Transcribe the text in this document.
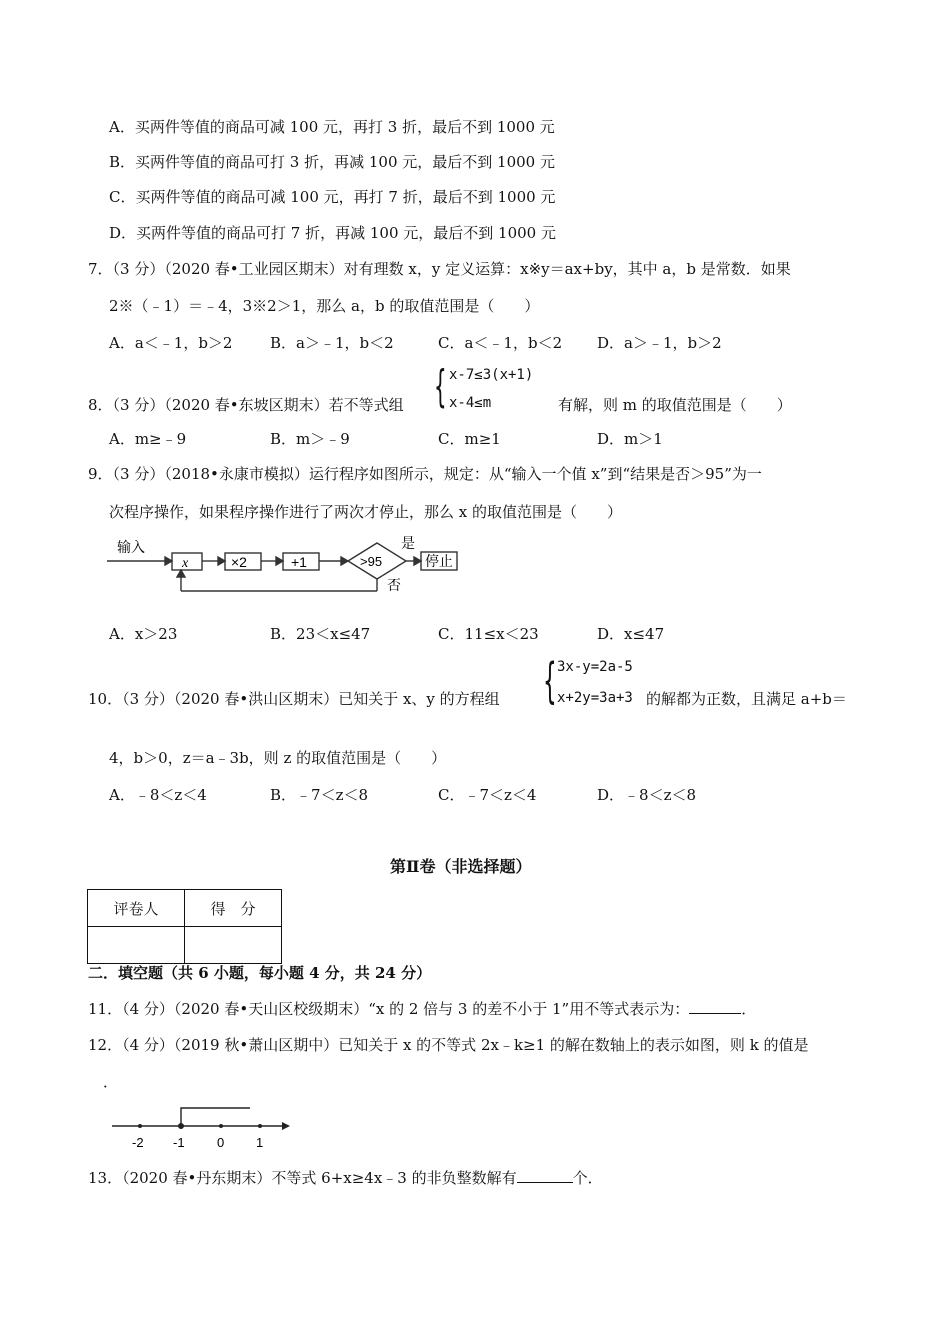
A．买两件等值的商品可减 100 元，再打 3 折，最后不到 1000 元
B．买两件等值的商品可打 3 折，再减 100 元，最后不到 1000 元
C．买两件等值的商品可减 100 元，再打 7 折，最后不到 1000 元
D．买两件等值的商品可打 7 折，再减 100 元，最后不到 1000 元
7．（3 分）（2020 春•工业园区期末）对有理数 x，y 定义运算：x※y＝ax+by，其中 a，b 是常数．如果
2※（﹣1）＝﹣4，3※2＞1，那么 a，b 的取值范围是（　　）
A．a＜﹣1，b＞2	B．a＞﹣1，b＜2	C．a＜﹣1，b＜2 D．a＞﹣1，b＞2
8．（3 分）（2020 春•东坡区期末）若不等式组 { x-7≤3(x+1)
x-4≤m	有解，则 m 的取值范围是（　　）
A．m≥﹣9	B．m＞﹣9	C．m≥1	D．m＞1
9．（3 分）（2018•永康市模拟）运行程序如图所示，规定：从“输入一个值 x”到“结果是否＞95”为一
次程序操作，如果程序操作进行了两次才停止，那么 x 的取值范围是（　　）
输入
x	×2	+1	>95
是
否
停止
A．x＞23	B．23＜x≤47	C．11≤x＜23	D．x≤47
10．（3 分）（2020 春•洪山区期末）已知关于 x、y 的方程组 { 3x-y=2a-5
x+2y=3a+3 的解都为正数，且满足 a+b＝
4，b＞0，z＝a﹣3b，则 z 的取值范围是（　　）
A．﹣8＜z＜4	B．﹣7＜z＜8	C．﹣7＜z＜4	D．﹣8＜z＜8
第Ⅱ卷（非选择题）
评卷人	得　分

二．填空题（共 6 小题，每小题 4 分，共 24 分）
11．（4 分）（2020 春•天山区校级期末）“x 的 2 倍与 3 的差不小于 1”用不等式表示为：	．
12．（4 分）（2019 秋•萧山区期中）已知关于 x 的不等式 2x﹣k≥1 的解在数轴上的表示如图，则 k 的值是
．
-2 -1 0 1
13．（2020 春•丹东期末）不等式 6+x≥4x﹣3 的非负整数解有	个．
